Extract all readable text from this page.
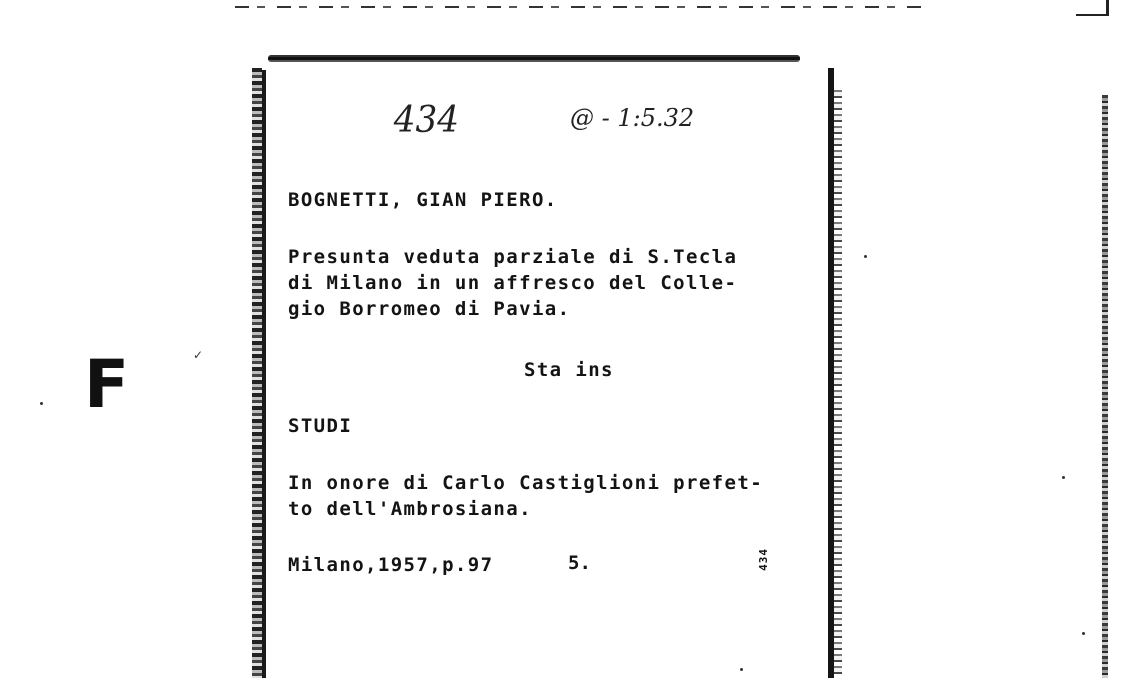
F	✓
434	@ - 1:5.32
BOGNETTI, GIAN PIERO.
Presunta veduta parziale di S.Tecla
di Milano in un affresco del Colle-
gio Borromeo di Pavia.
Sta ins
STUDI
In onore di Carlo Castiglioni prefet-
to dell'Ambrosiana.
Milano,1957,p.97	5.	434
